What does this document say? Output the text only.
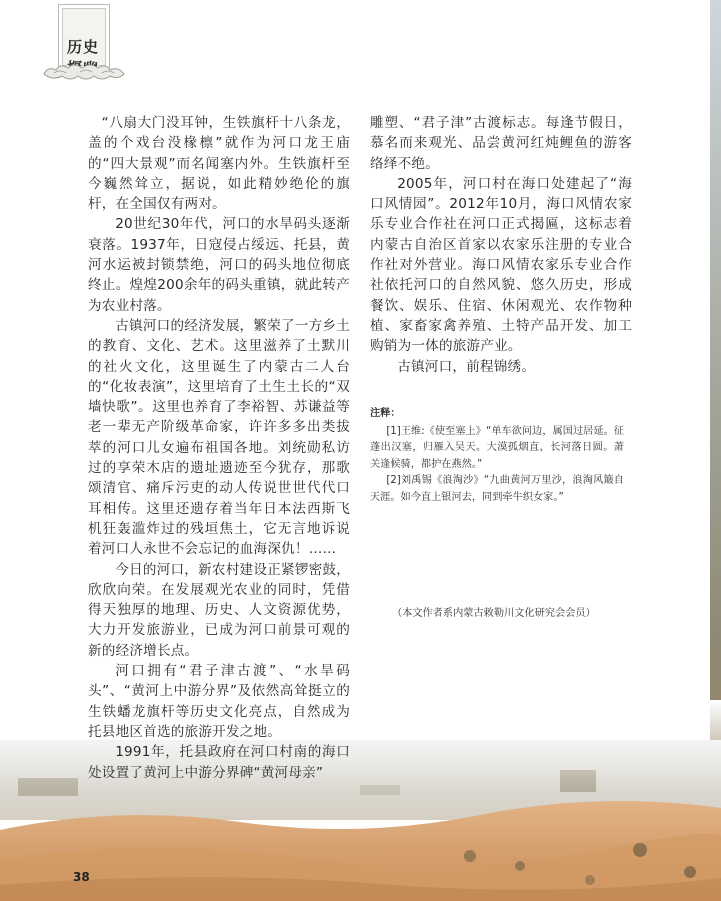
历史

“八扇大门没耳钟，生铁旗杆十八条龙，盖的个戏台没椽檩”就作为河口龙王庙的“四大景观”而名闻塞内外。生铁旗杆至今巍然耸立，据说，如此精妙绝伦的旗杆，在全国仅有两对。

20世纪30年代，河口的水旱码头逐渐衰落。1937年，日寇侵占绥远、托县，黄河水运被封锁禁绝，河口的码头地位彻底终止。煌煌200余年的码头重镇，就此转产为农业村落。

古镇河口的经济发展，繁荣了一方乡土的教育、文化、艺术。这里滋养了土默川的社火文化，这里诞生了内蒙古二人台的“化妆表演”，这里培育了土生土长的“双墙快歌”。这里也养育了李裕智、苏谦益等老一辈无产阶级革命家，许许多多出类拔萃的河口儿女遍布祖国各地。刘统勋私访过的享荣木店的遗址遗迹至今犹存，那歌颂清官、痛斥污吏的动人传说世世代代口耳相传。这里还遗存着当年日本法西斯飞机狂轰滥炸过的残垣焦土，它无言地诉说着河口人永世不会忘记的血海深仇！……

今日的河口，新农村建设正紧锣密鼓，欣欣向荣。在发展观光农业的同时，凭借得天独厚的地理、历史、人文资源优势，大力开发旅游业，已成为河口前景可观的新的经济增长点。

河口拥有“君子津古渡”、“水旱码头”、“黄河上中游分界”及依然高耸挺立的生铁蟠龙旗杆等历史文化亮点，自然成为托县地区首选的旅游开发之地。

1991年，托县政府在河口村南的海口处设置了黄河上中游分界碑“黄河母亲”

雕塑、“君子津”古渡标志。每逢节假日，慕名而来观光、品尝黄河红炖鲤鱼的游客络绎不绝。

2005年，河口村在海口处建起了“海口风情园”。2012年10月，海口风情农家乐专业合作社在河口正式揭匾，这标志着内蒙古自治区首家以农家乐注册的专业合作社对外营业。海口风情农家乐专业合作社依托河口的自然风貌、悠久历史，形成餐饮、娱乐、住宿、休闲观光、农作物种植、家畜家禽养殖、土特产品开发、加工购销为一体的旅游产业。

古镇河口，前程锦绣。

注释：

[1]王维:《使至塞上》“单车欲问边，属国过居延。征蓬出汉塞，归雁入吴天。大漠孤烟直，长河落日圆。萧关逢候骑，都护在燕然。”

[2]刘禹锡《浪淘沙》“九曲黄河万里沙，浪淘风簸自天涯。如今直上银河去，同到牵牛织女家。”

（本文作者系内蒙古敕勒川文化研究会会员）
38
